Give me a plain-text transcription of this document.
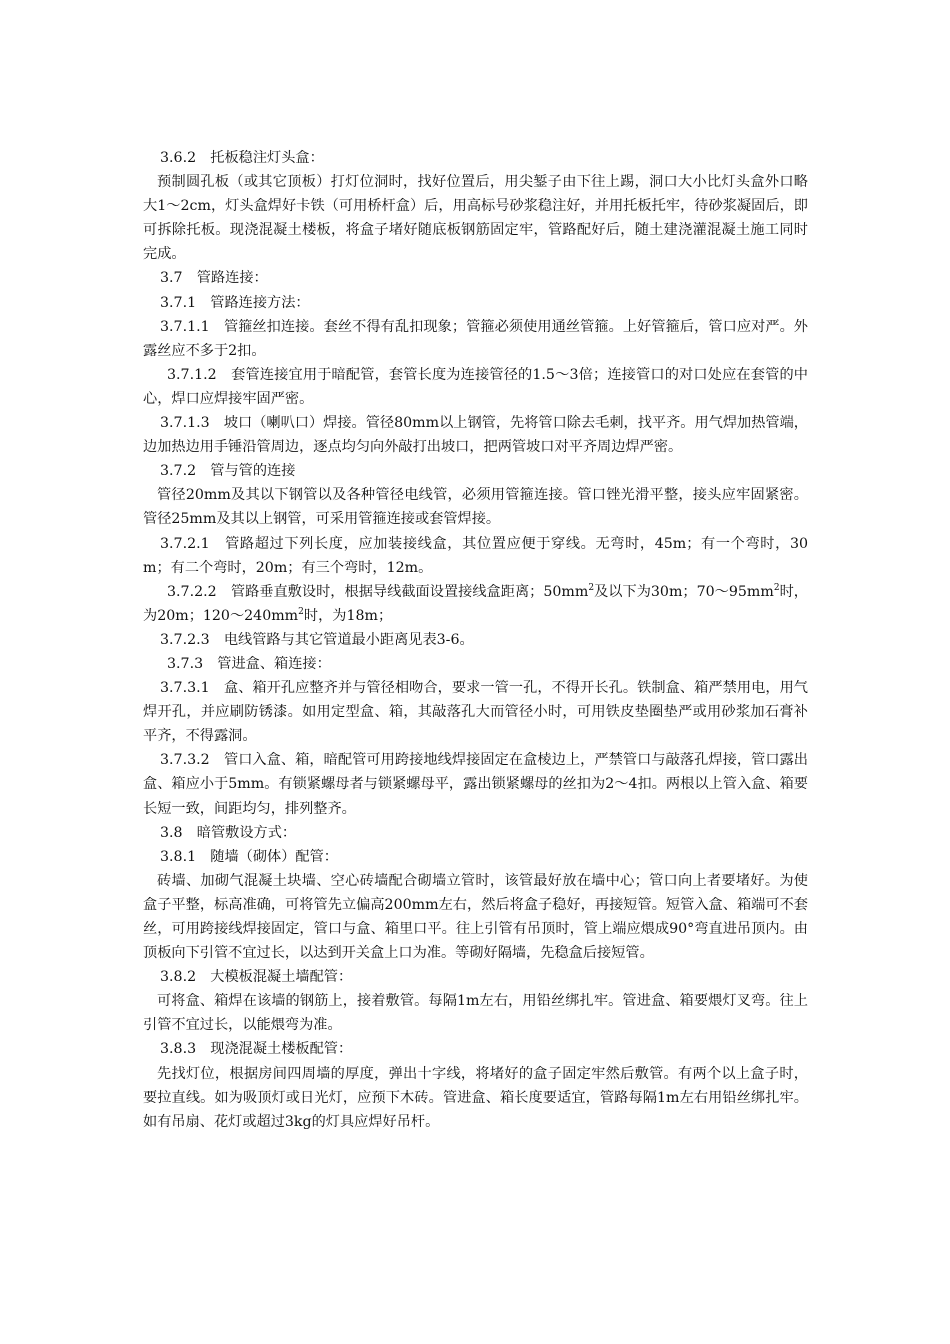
3.6.2　托板稳注灯头盒：

预制圆孔板（或其它顶板）打灯位洞时，找好位置后，用尖錾子由下往上踢，洞口大小比灯头盒外口略大1～2cm，灯头盒焊好卡铁（可用桥杆盒）后，用高标号砂浆稳注好，并用托板托牢，待砂浆凝固后，即可拆除托板。现浇混凝土楼板，将盒子堵好随底板钢筋固定牢，管路配好后，随土建浇灌混凝土施工同时完成。

3.7　管路连接：

3.7.1　管路连接方法：

3.7.1.1　管箍丝扣连接。套丝不得有乱扣现象；管箍必须使用通丝管箍。上好管箍后，管口应对严。外露丝应不多于2扣。

3.7.1.2　套管连接宜用于暗配管，套管长度为连接管径的1.5～3倍；连接管口的对口处应在套管的中心，焊口应焊接牢固严密。

3.7.1.3　坡口（喇叭口）焊接。管径80mm以上钢管，先将管口除去毛刺，找平齐。用气焊加热管端，边加热边用手锤沿管周边，逐点均匀向外敲打出坡口，把两管坡口对平齐周边焊严密。

3.7.2　管与管的连接

管径20mm及其以下钢管以及各种管径电线管，必须用管箍连接。管口锉光滑平整，接头应牢固紧密。管径25mm及其以上钢管，可采用管箍连接或套管焊接。

3.7.2.1　管路超过下列长度，应加装接线盒，其位置应便于穿线。无弯时，45m；有一个弯时，30m；有二个弯时，20m；有三个弯时，12m。

3.7.2.2　管路垂直敷设时，根据导线截面设置接线盒距离；$50mm^2$及以下为30m；$70\sim 95mm^2$时，为20m；$120\sim 240mm^2$时，为18m；

3.7.2.3　电线管路与其它管道最小距离见表3-6。

3.7.3　管进盒、箱连接：

3.7.3.1　盒、箱开孔应整齐并与管径相吻合，要求一管一孔，不得开长孔。铁制盒、箱严禁用电，用气焊开孔，并应刷防锈漆。如用定型盒、箱，其敲落孔大而管径小时，可用铁皮垫圈垫严或用砂浆加石膏补平齐，不得露洞。

3.7.3.2　管口入盒、箱，暗配管可用跨接地线焊接固定在盒棱边上，严禁管口与敲落孔焊接，管口露出盒、箱应小于5mm。有锁紧螺母者与锁紧螺母平，露出锁紧螺母的丝扣为2～4扣。两根以上管入盒、箱要长短一致，间距均匀，排列整齐。

3.8　暗管敷设方式：

3.8.1　随墙（砌体）配管：

砖墙、加砌气混凝土块墙、空心砖墙配合砌墙立管时，该管最好放在墙中心；管口向上者要堵好。为使盒子平整，标高准确，可将管先立偏高200mm左右，然后将盒子稳好，再接短管。短管入盒、箱端可不套丝，可用跨接线焊接固定，管口与盒、箱里口平。往上引管有吊顶时，管上端应煨成90°弯直进吊顶内。由顶板向下引管不宜过长，以达到开关盒上口为准。等砌好隔墙，先稳盒后接短管。

3.8.2　大模板混凝土墙配管：

可将盒、箱焊在该墙的钢筋上，接着敷管。每隔1m左右，用铅丝绑扎牢。管进盒、箱要煨灯叉弯。往上引管不宜过长，以能煨弯为准。

3.8.3　现浇混凝土楼板配管：

先找灯位，根据房间四周墙的厚度，弹出十字线，将堵好的盒子固定牢然后敷管。有两个以上盒子时，要拉直线。如为吸顶灯或日光灯，应预下木砖。管进盒、箱长度要适宜，管路每隔1m左右用铅丝绑扎牢。如有吊扇、花灯或超过3kg的灯具应焊好吊杆。
